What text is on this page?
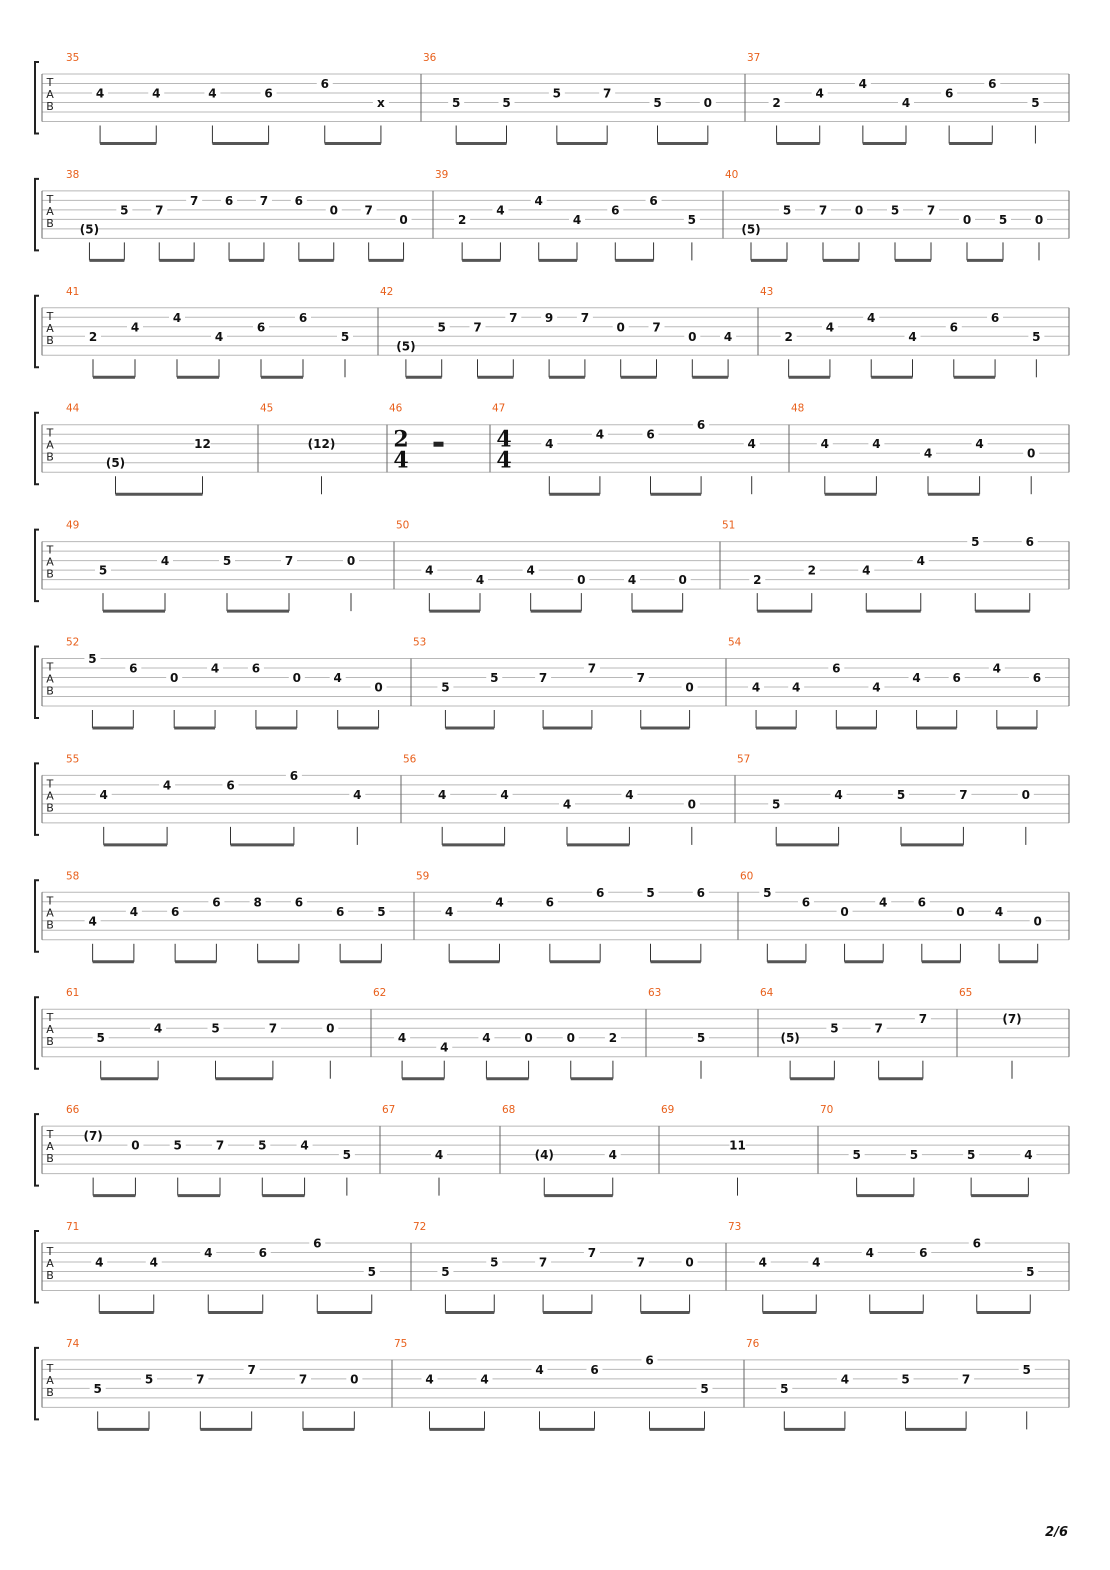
T
A
B
35
4	4	4	6
6
x
36
5	5
5	7
5	0
37
2
4
4
4
6
6
5
T
A
B
38
(5)
5 7
7 6 7 6
0 7
0
39
2
4
4
4
6
6
5
40
(5)
5 7 0 5 7
0 5 0
T
A
B
41
2
4
4
4
6
6
5
42
(5)
5 7
7 9 7
0 7
0 4
43
2
4
4
4
6
6
5
T
A
B
44
(5)
12
45
(12)
46
2
4
47
4
4
4
4	6
6
4
48
4	4
4
4
0
T
A
B
49
5
4	5	7	0
50
4
4
4
0	4	0
51
2
2	4
4
5	6
T
A
B
52
5
6
0
4	6
0	4
0
53
5
5	7
7
7
0
54
4	4
6
4
4	6
4
6
T
A
B
55
4
4	6
6
4
56
4	4
4
4
0
57
5
4	5	7	0
T
A
B
58
4
4	6
6	8	6
6	5
59
4
4	6
6	5	6
60
5
6
0
4	6
0	4
0
T
A
B
61
5
4	5	7	0
62
4
4
4	0	0	2
63
5
64
(5)
5	7
7
65
(7)
T
A
B
66
(7)
0	5	7	5	4
5
67
4
68
(4)	4
69
11
70
5	5	5	4
T
A
B
71
4	4
4	6
6
5
72
5
5	7
7
7	0
73
4	4
4	6
6
5
T
A
B
74
5
5	7
7
7	0
75
4	4
4	6
6
5
76
5
4	5	7
5
2/6
